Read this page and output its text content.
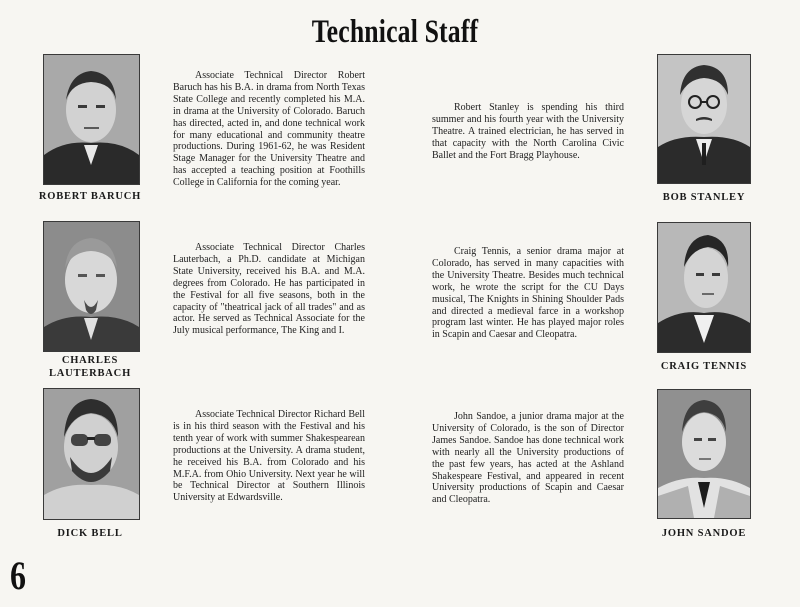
Technical Staff
ROBERT BARUCH
Associate Technical Director Robert Baruch has his B.A. in drama from North Texas State College and recently completed his M.A. in drama at the University of Colorado. Baruch has directed, acted in, and done technical work for many educational and community theatre productions. During 1961-62, he was Resident Stage Manager for the University Theatre and has accepted a teaching position at Foothills College in California for the coming year.
Robert Stanley is spending his third summer and his fourth year with the University Theatre. A trained electrician, he has served in that capacity with the North Carolina Civic Ballet and the Fort Bragg Playhouse.
BOB STANLEY
CHARLES
LAUTERBACH
Associate Technical Director Charles Lauterbach, a Ph.D. candidate at Michigan State University, received his B.A. and M.A. degrees from Colorado. He has participated in the Festival for all five seasons, both in the capacity of "theatrical jack of all trades" and as actor. He served as Technical Associate for the July musical performance, The King and I.
Craig Tennis, a senior drama major at Colorado, has served in many capacities with the University Theatre. Besides much technical work, he wrote the script for the CU Days musical, The Knights in Shining Shoulder Pads and directed a medieval farce in a workshop program last winter. He has played major roles in Scapin and Caesar and Cleopatra.
CRAIG TENNIS
DICK BELL
Associate Technical Director Richard Bell is in his third season with the Festival and his tenth year of work with summer Shakespearean productions at the University. A drama student, he received his B.A. from Colorado and his M.F.A. from Ohio University. Next year he will be Technical Director at Southern Illinois University at Edwardsville.
John Sandoe, a junior drama major at the University of Colorado, is the son of Director James Sandoe. Sandoe has done technical work with nearly all the University productions of the past few years, has acted at the Ashland Shakespeare Festival, and appeared in recent University productions of Scapin and Caesar and Cleopatra.
JOHN SANDOE
6
